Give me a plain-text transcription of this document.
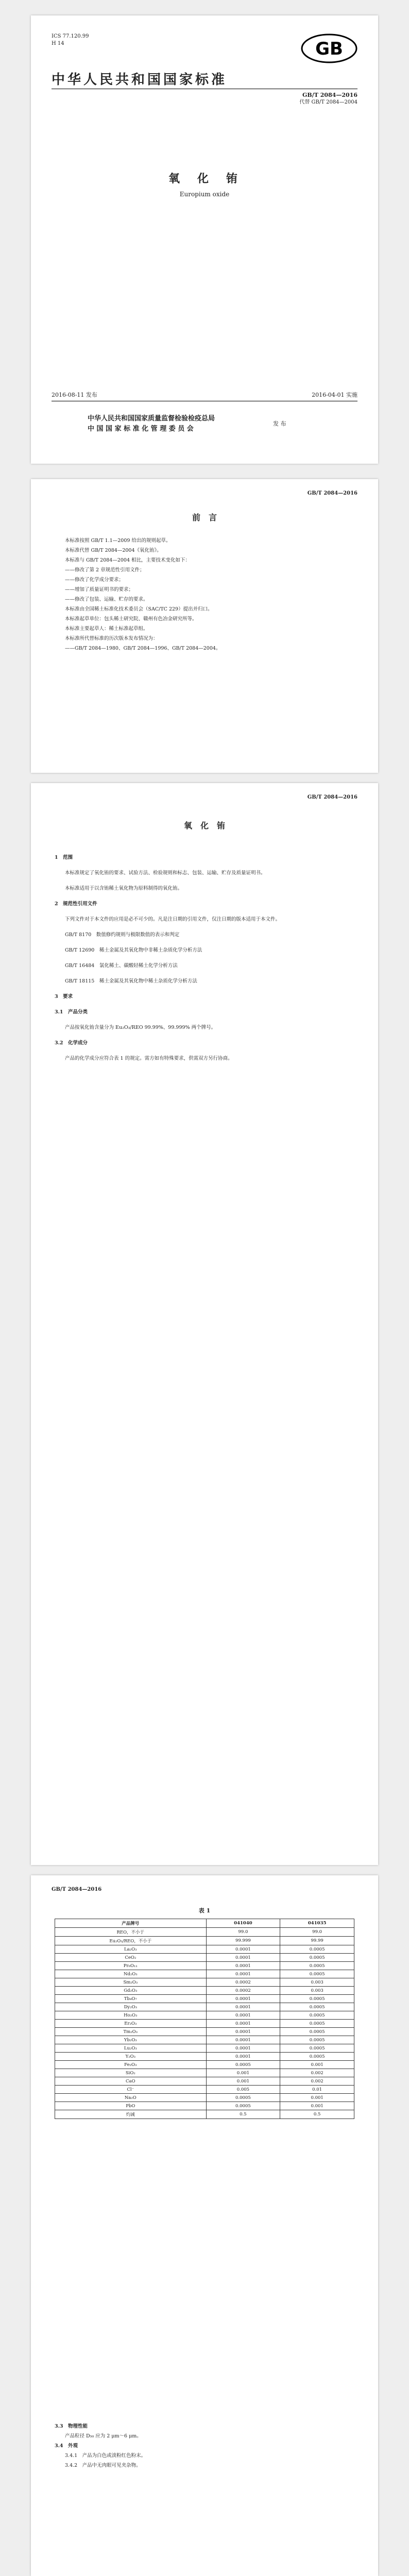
ICS 77.120.99
H 14	GB
中华人民共和国国家标准
GB/T 2084—2016
代替 GB/T 2084—2004
氧　化　铕
Europium oxide
2016-08-11 发布	2016-04-01 实施
中华人民共和国国家质量监督检验检疫总局
中 国 国 家 标 准 化 管 理 委 员 会
发 布
GB/T 2084—2016
前　言
本标准按照 GB/T 1.1—2009 给出的规则起草。
本标准代替 GB/T 2084—2004《氧化铕》。
本标准与 GB/T 2084—2004 相比，主要技术变化如下：
——修改了第 2 章规范性引用文件；
——修改了化学成分要求；
——增加了质量证明书的要求；
——修改了包装、运输、贮存的要求。
本标准由全国稀土标准化技术委员会（SAC/TC 229）提出并归口。
本标准起草单位：包头稀土研究院、赣州有色冶金研究所等。
本标准主要起草人：稀土标准起草组。
本标准所代替标准的历次版本发布情况为：
——GB/T 2084—1980、GB/T 2084—1996、GB/T 2084—2004。
GB/T 2084—2016
氧　化　铕
1　范围
本标准规定了氧化铕的要求、试验方法、检验规则和标志、包装、运输、贮存及质量证明书。
本标准适用于以含铕稀土氧化物为原料制得的氧化铕。
2　规范性引用文件
下列文件对于本文件的应用是必不可少的。凡是注日期的引用文件，仅注日期的版本适用于本文件。
GB/T 8170　数值修约规则与极限数值的表示和判定
GB/T 12690　稀土金属及其氧化物中非稀土杂质化学分析方法
GB/T 16484　氯化稀土、碳酸轻稀土化学分析方法
GB/T 18115　稀土金属及其氧化物中稀土杂质化学分析方法
3　要求
3.1　产品分类
产品按氧化铕含量分为 Eu₂O₃/REO 99.99%、99.999% 两个牌号。
3.2　化学成分
产品的化学成分应符合表 1 的规定。需方如有特殊要求，供需双方另行协商。
GB/T 2084—2016
表 1
产品牌号	041040	041035
REO，不小于	99.0	99.0
Eu₂O₃/REO，不小于	99.999	99.99
La₂O₃	0.0001	0.0005
CeO₂	0.0001	0.0005
Pr₆O₁₁	0.0001	0.0005
Nd₂O₃	0.0001	0.0005
Sm₂O₃	0.0002	0.003
Gd₂O₃	0.0002	0.003
Tb₄O₇	0.0001	0.0005
Dy₂O₃	0.0001	0.0005
Ho₂O₃	0.0001	0.0005
Er₂O₃	0.0001	0.0005
Tm₂O₃	0.0001	0.0005
Yb₂O₃	0.0001	0.0005
Lu₂O₃	0.0001	0.0005
Y₂O₃	0.0001	0.0005
Fe₂O₃	0.0005	0.001
SiO₂	0.001	0.002
CaO	0.001	0.002
Cl⁻	0.005	0.01
Na₂O	0.0005	0.001
PbO	0.0005	0.001
灼减	0.5	0.5
3.3　物理性能
产品粒径 D₅₀ 应为 2 μm～6 μm。
3.4　外观
3.4.1　产品为白色或淡粉红色粉末。
3.4.2　产品中无肉眼可见夹杂物。
